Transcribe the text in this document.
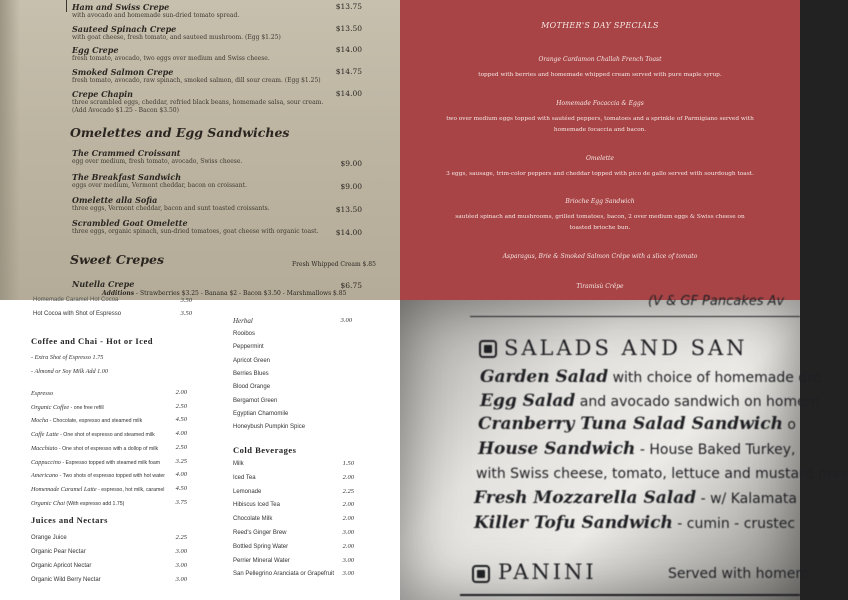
Ham and Swiss Crepe
with avocado and homemade sun-dried tomato spread.
$13.75
Sauteed Spinach Crepe
with goat cheese, fresh tomato, and sauteed mushroom. (Egg $1.25)
$13.50
Egg Crepe
fresh tomato, avocado, two eggs over medium and Swiss cheese.
$14.00
Smoked Salmon Crepe
fresh tomato, avocado, raw spinach, smoked salmon, dill sour cream. (Egg $1.25)
$14.75
Crepe Chapin
three scrambled eggs, cheddar, refried black beans, homemade salsa, sour cream.
(Add Avocado $1.25 - Bacon $3.50)
$14.00
Omelettes and Egg Sandwiches
The Crammed Croissant
egg over medium, fresh tomato, avocado, Swiss cheese.	$9.00
The Breakfast Sandwich
eggs over medium, Vermont cheddar, bacon on croissant.	$9.00
Omelette alla Sofia
three eggs, Vermont cheddar, bacon and sunt toasted croissants.	$13.50
Scrambled Goat Omelette
three eggs, organic spinach, sun-dried tomatoes, goat cheese with organic toast.	$14.00
Sweet Crepes	Fresh Whipped Cream $.85
Nutella Crepe	$6.75
Additions - Strawberries $3.25 - Banana $2 - Bacon $3.50 - Marshmallows $.85
MOTHER'S DAY SPECIALS
Orange Cardamon Challah French Toast
topped with berries and homemade whipped cream served with pure maple syrup.
Homemade Focaccia & Eggs
two over medium eggs topped with sautéed peppers, tomatoes and a sprinkle of Parmigiano served with
homemade focaccia and bacon.
Omelette
3 eggs, sausage, trim-color peppers and cheddar topped with pico de gallo served with sourdough toast.
Brioche Egg Sandwich
sautéed spinach and mushrooms, grilled tomatoes, bacon, 2 over medium eggs & Swiss cheese on
toasted brioche bun.
Asparagus, Brie & Smoked Salmon Crêpe with a slice of tomato
Tiramisù Crêpe
Homemade Caramel Hot Cocoa	3.50
Hot Cocoa with Shot of Espresso	3.50
Coffee and Chai - Hot or Iced
- Extra Shot of Espresso 1.75
- Almond or Soy Milk Add 1.00
Juices and Nectars
Herbal	3.00
Cold Beverages
Espresso	2.00
Organic Coffee - one free refill	2.50
Mocha - Chocolate, espresso and steamed milk	4.50
Caffe Latte - One shot of espresso and steamed milk	4.00
Macchiato - One shot of espresso with a dollop of milk	2.50
Cappuccino - Espresso topped with steamed milk foam	3.25
Americano - Two shots of espresso topped with hot water	4.00
Homemade Caramel Latte - espresso, hot milk, caramel	4.50
Organic Chai (With espresso add 1.75)	3.75
Orange Juice	2.25
Organic Pear Nectar	3.00
Organic Apricot Nectar	3.00
Organic Wild Berry Nectar	3.00
Rooibos
Peppermint
Apricot Green
Berries Blues
Blood Orange
Bergamot Green
Egyptian Chamomile
Honeybush Pumpkin Spice
Milk	1.50
Iced Tea	2.00
Lemonade	2.25
Hibiscus Iced Tea	2.00
Chocolate Milk	2.00
Reed's Ginger Brew	3.00
Bottled Spring Water	2.00
Perrier Mineral Water	3.00
San Pellegrino Aranciata or Grapefruit	3.00
(V & GF Pancakes Av
SALADS AND SAN
Garden Salad with choice of homemade dre
Egg Salad and avocado sandwich on homem
Cranberry Tuna Salad Sandwich o
House Sandwich - House Baked Turkey,
with Swiss cheese, tomato, lettuce and mustard may
Fresh Mozzarella Salad - w/ Kalamata
Killer Tofu Sandwich - cumin - crustec
PANINI	Served with homem
